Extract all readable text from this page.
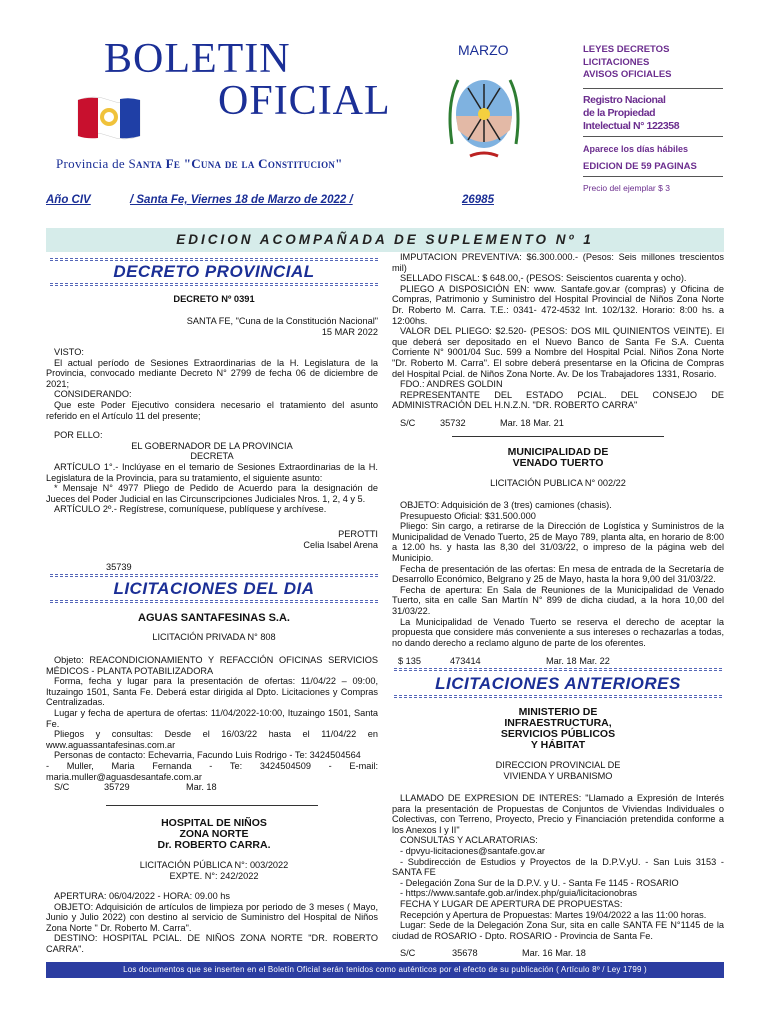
BOLETIN
OFICIAL
MARZO	LEYES DECRETOS
LICITACIONES
AVISOS OFICIALES
Registro Nacional
de la Propiedad
Intelectual N° 122358
Aparece los días hábiles
EDICION DE 59 PAGINAS
Precio del ejemplar $ 3
Provincia de Santa Fe "Cuna de la Constitucion"
Año CIV	/ Santa Fe, Viernes 18 de Marzo de 2022 /	26985
EDICION ACOMPAÑADA DE SUPLEMENTO Nº 1
DECRETO PROVINCIAL
DECRETO Nº 0391
SANTA FE, "Cuna de la Constitución Nacional"
15 MAR 2022

VISTO:

El actual período de Sesiones Extraordinarias de la H. Legislatura de la Provincia, convocado mediante Decreto N° 2799 de fecha 06 de diciembre de 2021;

CONSIDERANDO:

Que este Poder Ejecutivo considera necesario el tratamiento del asunto referido en el Artículo 11 del presente;

POR ELLO:

EL GOBERNADOR DE LA PROVINCIA

DECRETA

ARTÍCULO 1°.- Inclúyase en el temario de Sesiones Extraordinarias de la H. Legislatura de la Provincia, para su tratamiento, el siguiente asunto:

* Mensaje N° 4977 Pliego de Pedido de Acuerdo para la designación de Jueces del Poder Judicial en las Circunscripciones Judiciales Nros. 1, 2, 4 y 5.

ARTÍCULO 2º.- Regístrese, comuníquese, publíquese y archívese.

PEROTTI
Celia Isabel Arena
35739
LICITACIONES DEL DIA
AGUAS SANTAFESINAS S.A.
LICITACIÓN PRIVADA N° 808

Objeto: REACONDICIONAMIENTO Y REFACCIÓN OFICINAS SERVICIOS MÉDICOS - PLANTA POTABILIZADORA

Forma, fecha y lugar para la presentación de ofertas: 11/04/22 – 09:00, Ituzaingo 1501, Santa Fe. Deberá estar dirigida al Dpto. Licitaciones y Compras Centralizadas.

Lugar y fecha de apertura de ofertas: 11/04/2022-10:00, Ituzaingo 1501, Santa Fe.

Pliegos y consultas: Desde el 16/03/22 hasta el 11/04/22 en www.aguassantafesinas.com.ar

Personas de contacto: Echevarria, Facundo Luis Rodrigo - Te: 3424504564

- Muller, Maria Fernanda - Te: 3424504509 - E-mail: maria.muller@aguasdesantafe.com.ar

S/C	35729	Mar. 18
HOSPITAL DE NIÑOS
ZONA NORTE
Dr. ROBERTO CARRA.
LICITACIÓN PÚBLICA N°: 003/2022
EXPTE. N°: 242/2022

APERTURA: 06/04/2022 - HORA: 09.00 hs

OBJETO: Adquisición de artículos de limpieza por periodo de 3 meses ( Mayo, Junio y Julio 2022) con destino al servicio de Suministro del Hospital de Niños Zona Norte " Dr. Roberto M. Carra".

DESTINO: HOSPITAL PCIAL. DE NIÑOS ZONA NORTE "DR. ROBERTO CARRA".

IMPUTACION PREVENTIVA: $6.300.000.- (Pesos: Seis millones trescientos mil)

SELLADO FISCAL: $ 648.00,- (PESOS: Seiscientos cuarenta y ocho).

PLIEGO A DISPOSICIÓN EN: www. Santafe.gov.ar (compras) y Oficina de Compras, Patrimonio y Suministro del Hospital Provincial de Niños Zona Norte Dr. Roberto M. Carra. T.E.: 0341- 472-4532 Int. 102/132. Horario: 8:00 hs. a 12:00hs.

VALOR DEL PLIEGO: $2.520- (PESOS: DOS MIL QUINIENTOS VEINTE). El que deberá ser depositado en el Nuevo Banco de Santa Fe S.A. Cuenta Corriente N° 9001/04 Suc. 599 a Nombre del Hospital Pcial. Niños Zona Norte "Dr. Roberto M. Carra". El sobre deberá presentarse en la Oficina de Compras del Hospital Pcial. de Niños Zona Norte. Av. De los Trabajadores 1331, Rosario.

FDO.: ANDRES GOLDIN

REPRESENTANTE DEL ESTADO PCIAL. DEL CONSEJO DE ADMINISTRACIÓN DEL H.N.Z.N. "DR. ROBERTO CARRA"

S/C	35732	Mar. 18 Mar. 21
MUNICIPALIDAD DE
VENADO TUERTO
LICITACIÓN PUBLICA N° 002/22

OBJETO: Adquisición de 3 (tres) camiones (chasis).

Presupuesto Oficial: $31.500.000

Pliego: Sin cargo, a retirarse de la Dirección de Logística y Suministros de la Municipalidad de Venado Tuerto, 25 de Mayo 789, planta alta, en horario de 8:00 a 12.00 hs. y hasta las 8,30 del 31/03/22, o impreso de la página web del Municipio.

Fecha de presentación de las ofertas: En mesa de entrada de la Secretaría de Desarrollo Económico, Belgrano y 25 de Mayo, hasta la hora 9,00 del 31/03/22.

Fecha de apertura: En Sala de Reuniones de la Municipalidad de Venado Tuerto, sita en calle San Martín N° 899 de dicha ciudad, a la hora 10,00 del 31/03/22.

La Municipalidad de Venado Tuerto se reserva el derecho de aceptar la propuesta que considere más conveniente a sus intereses o rechazarlas a todas, no dando derecho a reclamo alguno de parte de los oferentes.

$ 135	473414	Mar. 18 Mar. 22
LICITACIONES ANTERIORES
MINISTERIO DE
INFRAESTRUCTURA,
SERVICIOS PÚBLICOS
Y HÁBITAT
DIRECCION PROVINCIAL DE
VIVIENDA Y URBANISMO

LLAMADO DE EXPRESION DE INTERES: "Llamado a Expresión de Interés para la presentación de Propuestas de Conjuntos de Viviendas Individuales o Colectivas, con Terreno, Proyecto, Precio y Financiación pretendida conforme a los Anexos I y II"

CONSULTAS Y ACLARATORIAS:

- dpvyu-licitaciones@santafe.gov.ar

- Subdirección de Estudios y Proyectos de la D.P.V.yU. - San Luis 3153 - SANTA FE

- Delegación Zona Sur de la D.P.V. y U. - Santa Fe 1145 - ROSARIO

- https://www.santafe.gob.ar/index.php/guia/licitacionobras

FECHA Y LUGAR DE APERTURA DE PROPUESTAS:

Recepción y Apertura de Propuestas: Martes 19/04/2022 a las 11:00 horas.

Lugar: Sede de la Delegación Zona Sur, sita en calle SANTA FE N°1145 de la ciudad de ROSARIO - Dpto. ROSARIO - Provincia de Santa Fe.

S/C	35678	Mar. 16 Mar. 18
Los documentos que se inserten en el Boletín Oficial serán tenidos como auténticos por el efecto de su publicación ( Artículo 8º / Ley 1799 )
